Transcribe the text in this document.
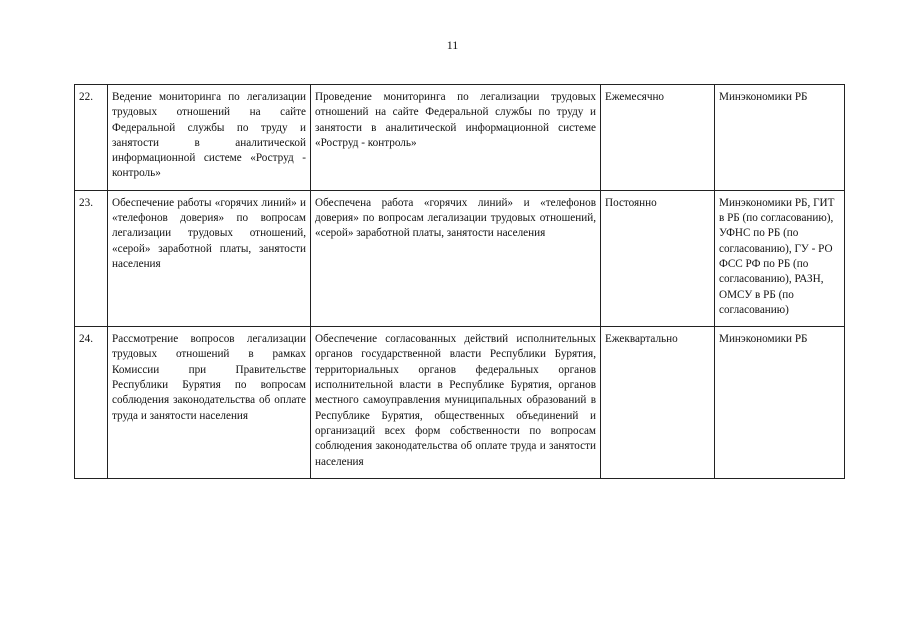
11
22.	Ведение мониторинга по легализации трудовых отношений на сайте Федеральной службы по труду и занятости в аналитической информационной системе «Роструд - контроль»	Проведение мониторинга по легализации трудовых отношений на сайте Федеральной службы по труду и занятости в аналитической информационной системе «Роструд - контроль»	Ежемесячно	Минэкономики РБ
23.	Обеспечение работы «горячих линий» и «телефонов доверия» по вопросам легализации трудовых отношений, «серой» заработной платы, занятости населения	Обеспечена работа «горячих линий» и «телефонов доверия» по вопросам легализации трудовых отношений, «серой» заработной платы, занятости населения	Постоянно	Минэкономики РБ, ГИТ в РБ (по согласованию), УФНС по РБ (по согласованию), ГУ - РО ФСС РФ по РБ (по согласованию), РАЗН, ОМСУ в РБ (по согласованию)
24.	Рассмотрение вопросов легализации трудовых отношений в рамках Комиссии при Правительстве Республики Бурятия по вопросам соблюдения законодательства об оплате труда и занятости населения	Обеспечение согласованных действий исполнительных органов государственной власти Республики Бурятия, территориальных органов федеральных органов исполнительной власти в Республике Бурятия, органов местного самоуправления муниципальных образований в Республике Бурятия, общественных объединений и организаций всех форм собственности по вопросам соблюдения законодательства об оплате труда и занятости населения	Ежеквартально	Минэкономики РБ
